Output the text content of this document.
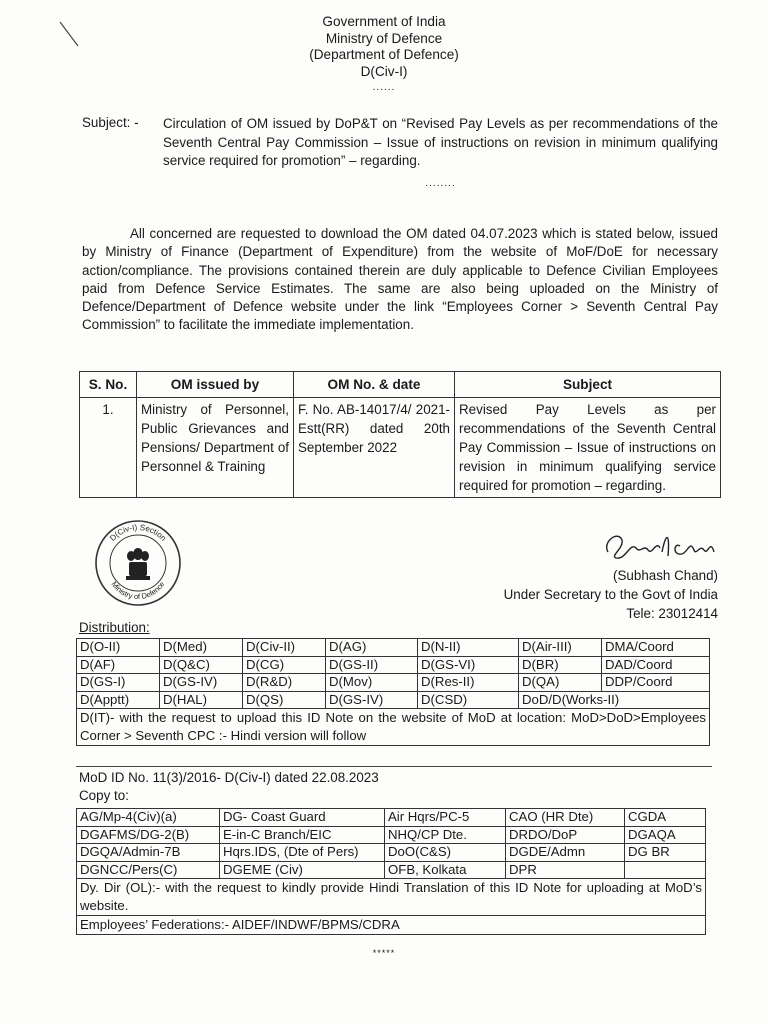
Government of India
Ministry of Defence
(Department of Defence)
D(Civ-I)
......
Subject: - Circulation of OM issued by DoP&T on “Revised Pay Levels as per recommendations of the Seventh Central Pay Commission – Issue of instructions on revision in minimum qualifying service required for promotion” – regarding.
........
All concerned are requested to download the OM dated 04.07.2023 which is stated below, issued by Ministry of Finance (Department of Expenditure) from the website of MoF/DoE for necessary action/compliance. The provisions contained therein are duly applicable to Defence Civilian Employees paid from Defence Service Estimates. The same are also being uploaded on the Ministry of Defence/Department of Defence website under the link “Employees Corner > Seventh Central Pay Commission” to facilitate the immediate implementation.
S. No.	OM issued by	OM No. & date	Subject
1.	Ministry of Personnel, Public Grievances and Pensions/ Department of Personnel & Training	F. No. AB-14017/4/ 2021-Estt(RR) dated 20th September 2022	Revised Pay Levels as per recommendations of the Seventh Central Pay Commission – Issue of instructions on revision in minimum qualifying service required for promotion – regarding.
D(Civ-I) Section
Ministry of Defence
(Subhash Chand)
Under Secretary to the Govt of India
Tele: 23012414
Distribution:
D(O-II)	D(Med)	D(Civ-II)	D(AG)	D(N-II)	D(Air-III)	DMA/Coord
D(AF)	D(Q&C)	D(CG)	D(GS-II)	D(GS-VI)	D(BR)	DAD/Coord
D(GS-I)	D(GS-IV)	D(R&D)	D(Mov)	D(Res-II)	D(QA)	DDP/Coord
D(Apptt)	D(HAL)	D(QS)	D(GS-IV)	D(CSD)	DoD/D(Works-II)	
D(IT)- with the request to upload this ID Note on the website of MoD at location: MoD>DoD>Employees Corner > Seventh CPC :- Hindi version will follow						
MoD ID No. 11(3)/2016- D(Civ-I) dated 22.08.2023
Copy to:
AG/Mp-4(Civ)(a)	DG- Coast Guard	Air Hqrs/PC-5	CAO (HR Dte)	CGDA
DGAFMS/DG-2(B)	E-in-C Branch/EIC	NHQ/CP Dte.	DRDO/DoP	DGAQA
DGQA/Admin-7B	Hqrs.IDS, (Dte of Pers)	DoO(C&S)	DGDE/Admn	DG BR
DGNCC/Pers(C)	DGEME (Civ)	OFB, Kolkata	DPR	
Dy. Dir (OL):- with the request to kindly provide Hindi Translation of this ID Note for uploading at MoD’s website.				
Employees’ Federations:- AIDEF/INDWF/BPMS/CDRA				
*****
